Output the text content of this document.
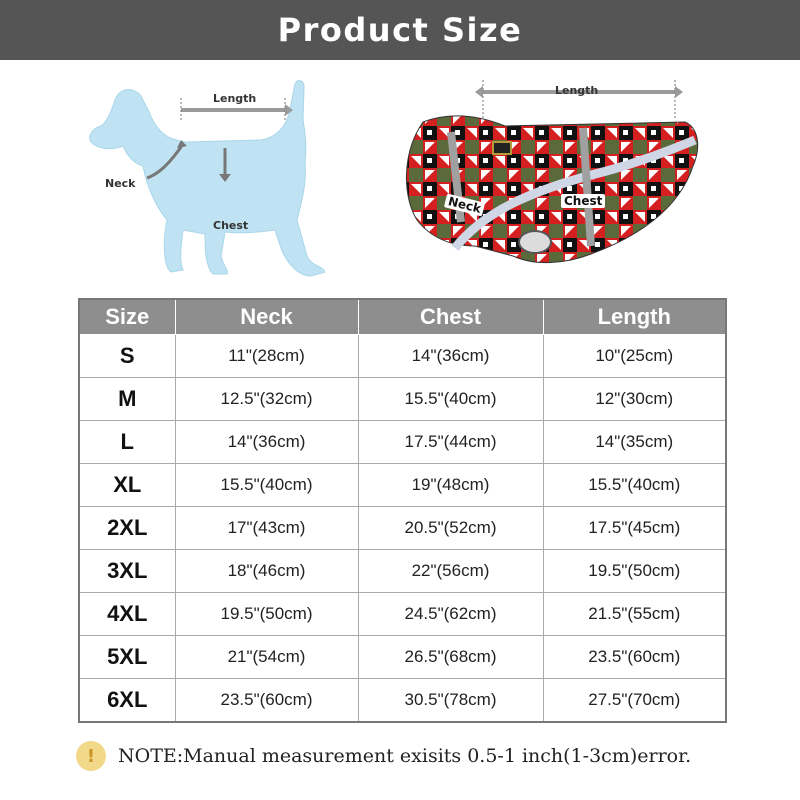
Product Size
Length
Neck
Chest
Length
Neck	Chest
Size	Neck	Chest	Length
S	11"(28cm)	14"(36cm)	10"(25cm)
M	12.5"(32cm)	15.5"(40cm)	12"(30cm)
L	14"(36cm)	17.5"(44cm)	14"(35cm)
XL	15.5"(40cm)	19"(48cm)	15.5"(40cm)
2XL	17"(43cm)	20.5"(52cm)	17.5"(45cm)
3XL	18"(46cm)	22"(56cm)	19.5"(50cm)
4XL	19.5"(50cm)	24.5"(62cm)	21.5"(55cm)
5XL	21"(54cm)	26.5"(68cm)	23.5"(60cm)
6XL	23.5"(60cm)	30.5"(78cm)	27.5"(70cm)
!	NOTE:Manual measurement exisits 0.5-1 inch(1-3cm)error.
